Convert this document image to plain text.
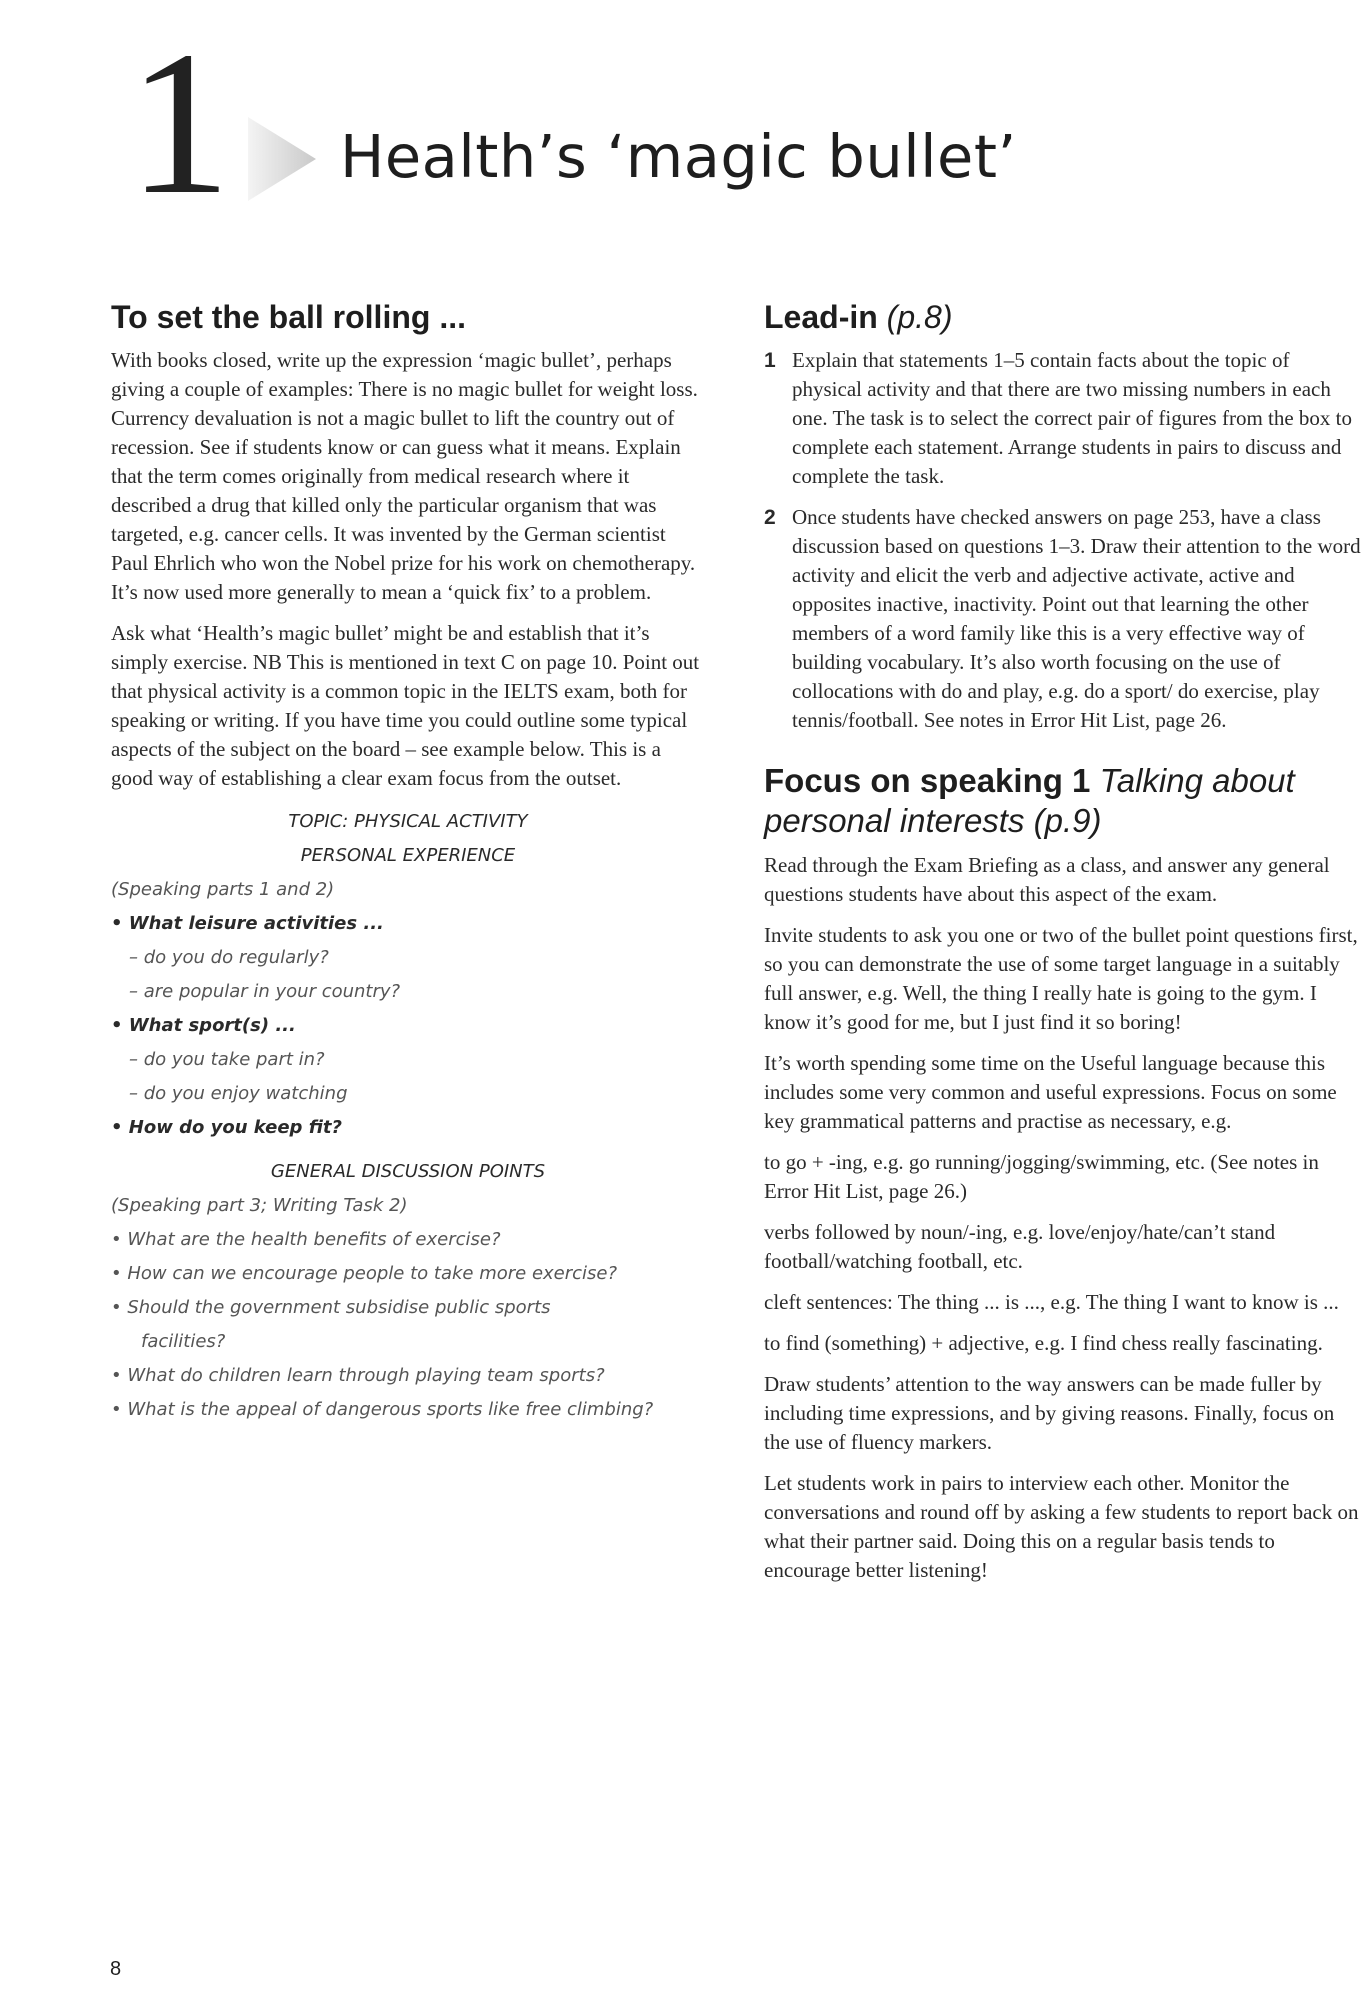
1 Health’s ‘magic bullet’
To set the ball rolling ...

With books closed, write up the expression ‘magic bullet’, perhaps giving a couple of examples: There is no magic bullet for weight loss. Currency devaluation is not a magic bullet to lift the country out of recession. See if students know or can guess what it means. Explain that the term comes originally from medical research where it described a drug that killed only the particular organism that was targeted, e.g. cancer cells. It was invented by the German scientist Paul Ehrlich who won the Nobel prize for his work on chemotherapy. It’s now used more generally to mean a ‘quick fix’ to a problem.

Ask what ‘Health’s magic bullet’ might be and establish that it’s simply exercise. NB This is mentioned in text C on page 10. Point out that physical activity is a common topic in the IELTS exam, both for speaking or writing. If you have time you could outline some typical aspects of the subject on the board – see example below. This is a good way of establishing a clear exam focus from the outset.

TOPIC: PHYSICAL ACTIVITY
PERSONAL EXPERIENCE
(Speaking parts 1 and 2)
• What leisure activities ...
– do you do regularly?
– are popular in your country?
• What sport(s) ...
– do you take part in?
– do you enjoy watching
• How do you keep fit?
GENERAL DISCUSSION POINTS
(Speaking part 3; Writing Task 2)
• What are the health benefits of exercise?
• How can we encourage people to take more exercise?
• Should the government subsidise public sports
facilities?
• What do children learn through playing team sports?
• What is the appeal of dangerous sports like free climbing?
Lead-in (p.8)
1 Explain that statements 1–5 contain facts about the topic of physical activity and that there are two missing numbers in each one. The task is to select the correct pair of figures from the box to complete each statement. Arrange students in pairs to discuss and complete the task.
2 Once students have checked answers on page 253, have a class discussion based on questions 1–3. Draw their attention to the word activity and elicit the verb and adjective activate, active and opposites inactive, inactivity. Point out that learning the other members of a word family like this is a very effective way of building vocabulary. It’s also worth focusing on the use of collocations with do and play, e.g. do a sport/ do exercise, play tennis/football. See notes in Error Hit List, page 26.
Focus on speaking 1 Talking about personal interests (p.9)

Read through the Exam Briefing as a class, and answer any general questions students have about this aspect of the exam.

Invite students to ask you one or two of the bullet point questions first, so you can demonstrate the use of some target language in a suitably full answer, e.g. Well, the thing I really hate is going to the gym. I know it’s good for me, but I just find it so boring!

It’s worth spending some time on the Useful language because this includes some very common and useful expressions. Focus on some key grammatical patterns and practise as necessary, e.g.

to go + -ing, e.g. go running/jogging/swimming, etc. (See notes in Error Hit List, page 26.)

verbs followed by noun/-ing, e.g. love/enjoy/hate/can’t stand football/watching football, etc.

cleft sentences: The thing ... is ..., e.g. The thing I want to know is ...

to find (something) + adjective, e.g. I find chess really fascinating.

Draw students’ attention to the way answers can be made fuller by including time expressions, and by giving reasons. Finally, focus on the use of fluency markers.

Let students work in pairs to interview each other. Monitor the conversations and round off by asking a few students to report back on what their partner said. Doing this on a regular basis tends to encourage better listening!

8
